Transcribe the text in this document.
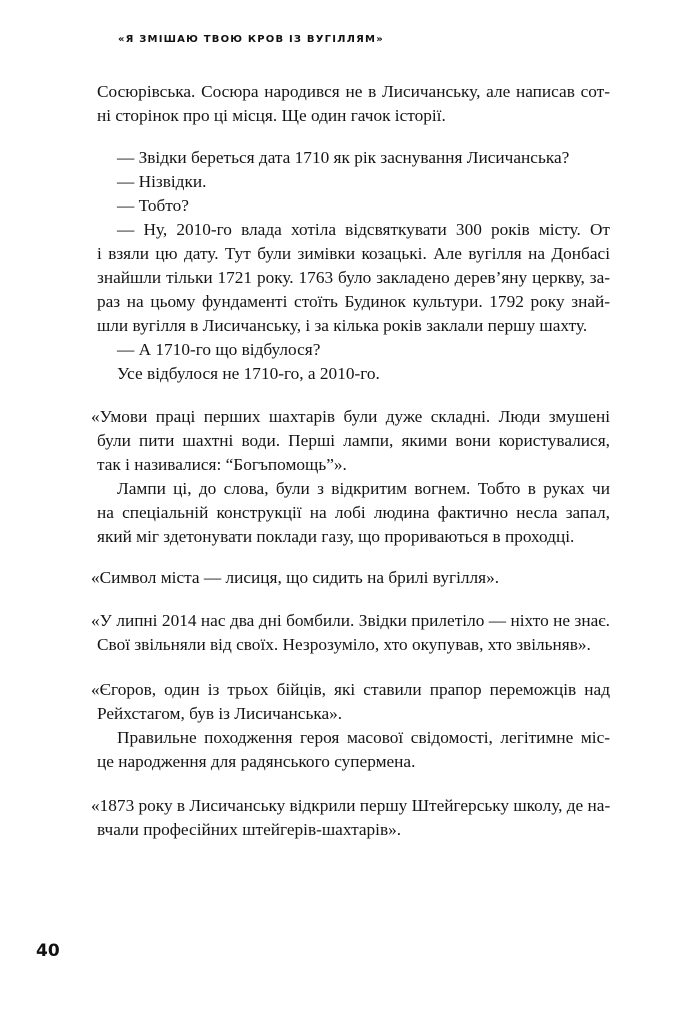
«Я ЗМІШАЮ ТВОЮ КРОВ ІЗ ВУГІЛЛЯМ»
Сосюрівська. Сосюра народився не в Лисичанську, але написав сот-
ні сторінок про ці місця. Ще один гачок історії.
— Звідки береться дата 1710 як рік заснування Лисичанська?
— Нізвідки.
— Тобто?
— Ну, 2010-го влада хотіла відсвяткувати 300 років місту. От
і взяли цю дату. Тут були зимівки козацькі. Але вугілля на Донбасі
знайшли тільки 1721 року. 1763 було закладено дерев’яну церкву, за-
раз на цьому фундаменті стоїть Будинок культури. 1792 року знай-
шли вугілля в Лисичанську, і за кілька років заклали першу шахту.
— А 1710-го що відбулося?
Усе відбулося не 1710-го, а 2010-го.
«Умови праці перших шахтарів були дуже складні. Люди змушені
були пити шахтні води. Перші лампи, якими вони користувалися,
так і називалися: “Богъпомощь”».
Лампи ці, до слова, були з відкритим вогнем. Тобто в руках чи
на спеціальній конструкції на лобі людина фактично несла запал,
який міг здетонувати поклади газу, що прориваються в проходці.
«Символ міста — лисиця, що сидить на брилі вугілля».
«У липні 2014 нас два дні бомбили. Звідки прилетіло — ніхто не знає.
Свої звільняли від своїх. Незрозуміло, хто окупував, хто звільняв».
«Єгоров, один із трьох бійців, які ставили прапор переможців над
Рейхстагом, був із Лисичанська».
Правильне походження героя масової свідомості, легітимне міс-
це народження для радянського супермена.
«1873 року в Лисичанську відкрили першу Штейгерську школу, де на-
вчали професійних штейгерів-шахтарів».
40
